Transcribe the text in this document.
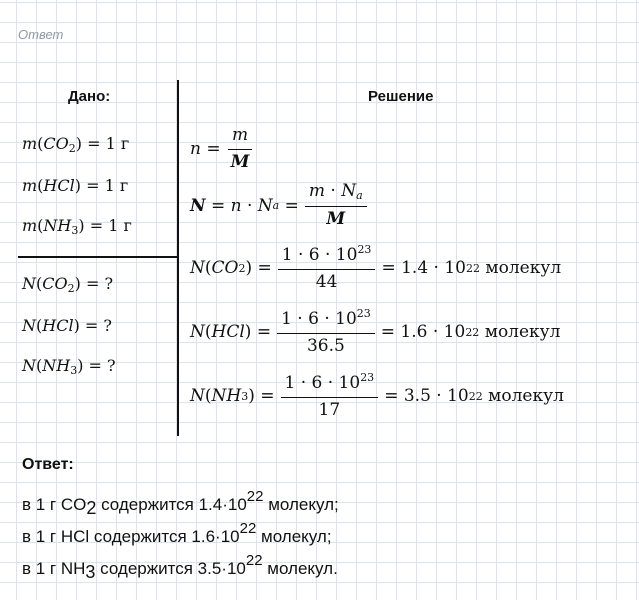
Ответ
Дано:
$m(CO_2) = 1$ г
m(HCl) = 1 г
$m(NH_3) = 1$ г
$N(CO_2)$ = ?
N(HCl) = ?
$N(NH_3)$ = ?
Решение
$n = \frac{m}{M}$
N = n · N $a = \frac{m \cdot N_a}{M}$
N ( CO 2 ) = $\frac{1 \cdot 6 \cdot 10^{23}}{44} = 1.4 \cdot 10$ 22
молекул
N ( HCl ) = $\frac{1 \cdot 6 \cdot 10^{23}}{36.5} = 1.6 \cdot 10$ 22
молекул
N ( NH 3 ) = $\frac{1 \cdot 6 \cdot 10^{23}}{17} = 3.5 \cdot 10$ 22
молекул
Ответ:
в 1 г $CO_2$ содержится $1.4\cdot 10^{22}$ молекул;
в 1 г HCl содержится $1.6\cdot 10^{22}$ молекул;
в 1 г $NH_3$ содержится $3.5\cdot 10^{22}$ молекул.
